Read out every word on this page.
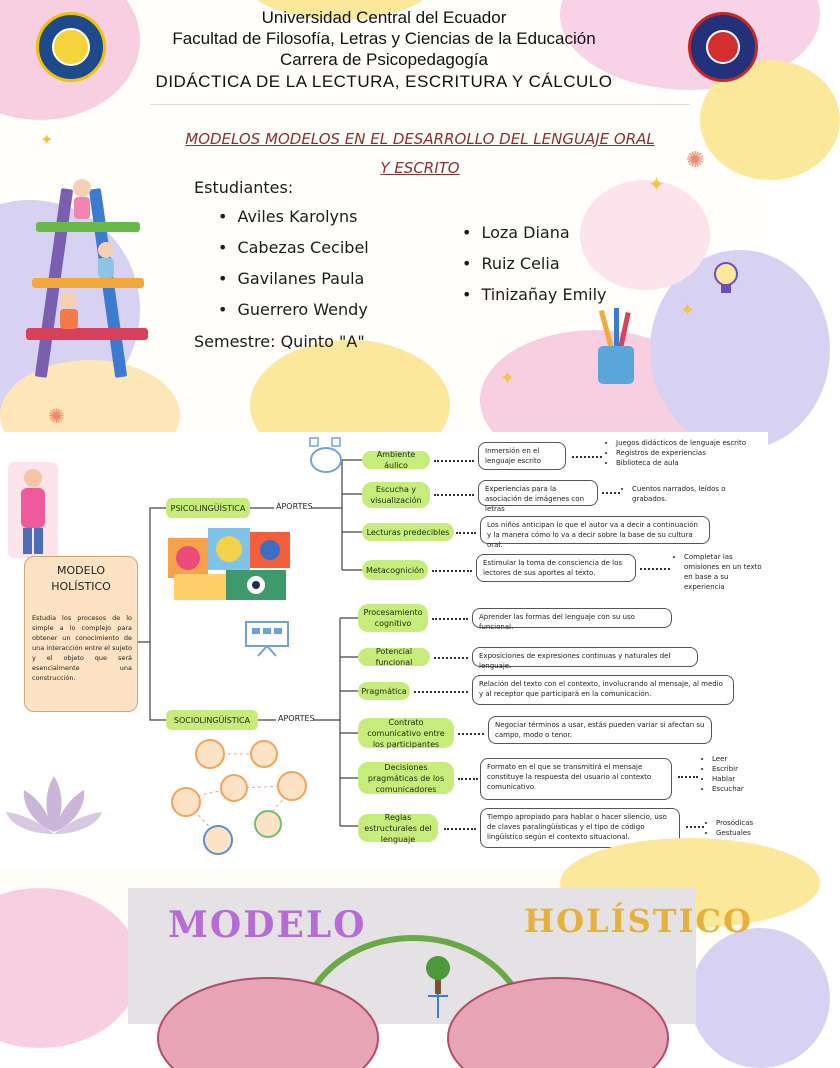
Universidad Central del Ecuador
Facultad de Filosofía, Letras y Ciencias de la Educación
Carrera de Psicopedagogía
DIDÁCTICA DE LA LECTURA, ESCRITURA Y CÁLCULO
MODELOS MODELOS EN EL DESARROLLO DEL LENGUAJE ORAL
Y ESCRITO
Estudiantes:
• Aviles Karolyns
• Cabezas Cecibel
• Gavilanes Paula
• Guerrero Wendy
• Loza Diana
• Ruiz Celia
• Tinizañay Emily
Semestre: Quinto "A"
✦
✦
✦
✦
✺
✺
MODELO HOLÍSTICO
Estudia los procesos de lo simple a lo complejo para obtener un conocimiento de una interacción entre el sujeto y el objeto que será esencialmente una construcción.
PSICOLINGÜÍSTICA	APORTES
SOCIOLINGÜÍSTICA	APORTES
Ambiente áulico
Inmersión en el lenguaje escrito
• Juegos didácticos de lenguaje escrito
• Registros de experiencias
• Biblioteca de aula
Escucha y visualización
Experiencias para la asociación de imágenes con letras
• Cuentos narrados, leídos o grabados.
Lecturas predecibles
Los niños anticipan lo que el autor va a decir a continuación y la manera cómo lo va a decir sobre la base de su cultura oral.
Metacognición
Estimular la toma de consciencia de los lectores de sus aportes al texto.
• Completar las omisiones en un texto en base a su experiencia
Procesamiento cognitivo
Aprender las formas del lenguaje con su uso funcional.
Potencial funcional
Exposiciones de expresiones continuas y naturales del lenguaje.
Pragmática
Relación del texto con el contexto, involucrando al mensaje, al medio y al receptor que participará en la comunicación.
Contrato comunicativo entre los participantes
Negociar términos a usar, estás pueden variar si afectan su campo, modo o tenor.
Decisiones pragmáticas de los comunicadores
Formato en el que se transmitirá el mensaje constituye la respuesta del usuario al contexto comunicativo.
• Leer
• Escribir
• Hablar
• Escuchar
Reglas estructurales del lenguaje
Tiempo apropiado para hablar o hacer silencio, uso de claves paralingüísticas y el tipo de código lingüístico según el contexto situacional.
• Prosódicas
• Gestuales
MODELO	HOLÍSTICO
